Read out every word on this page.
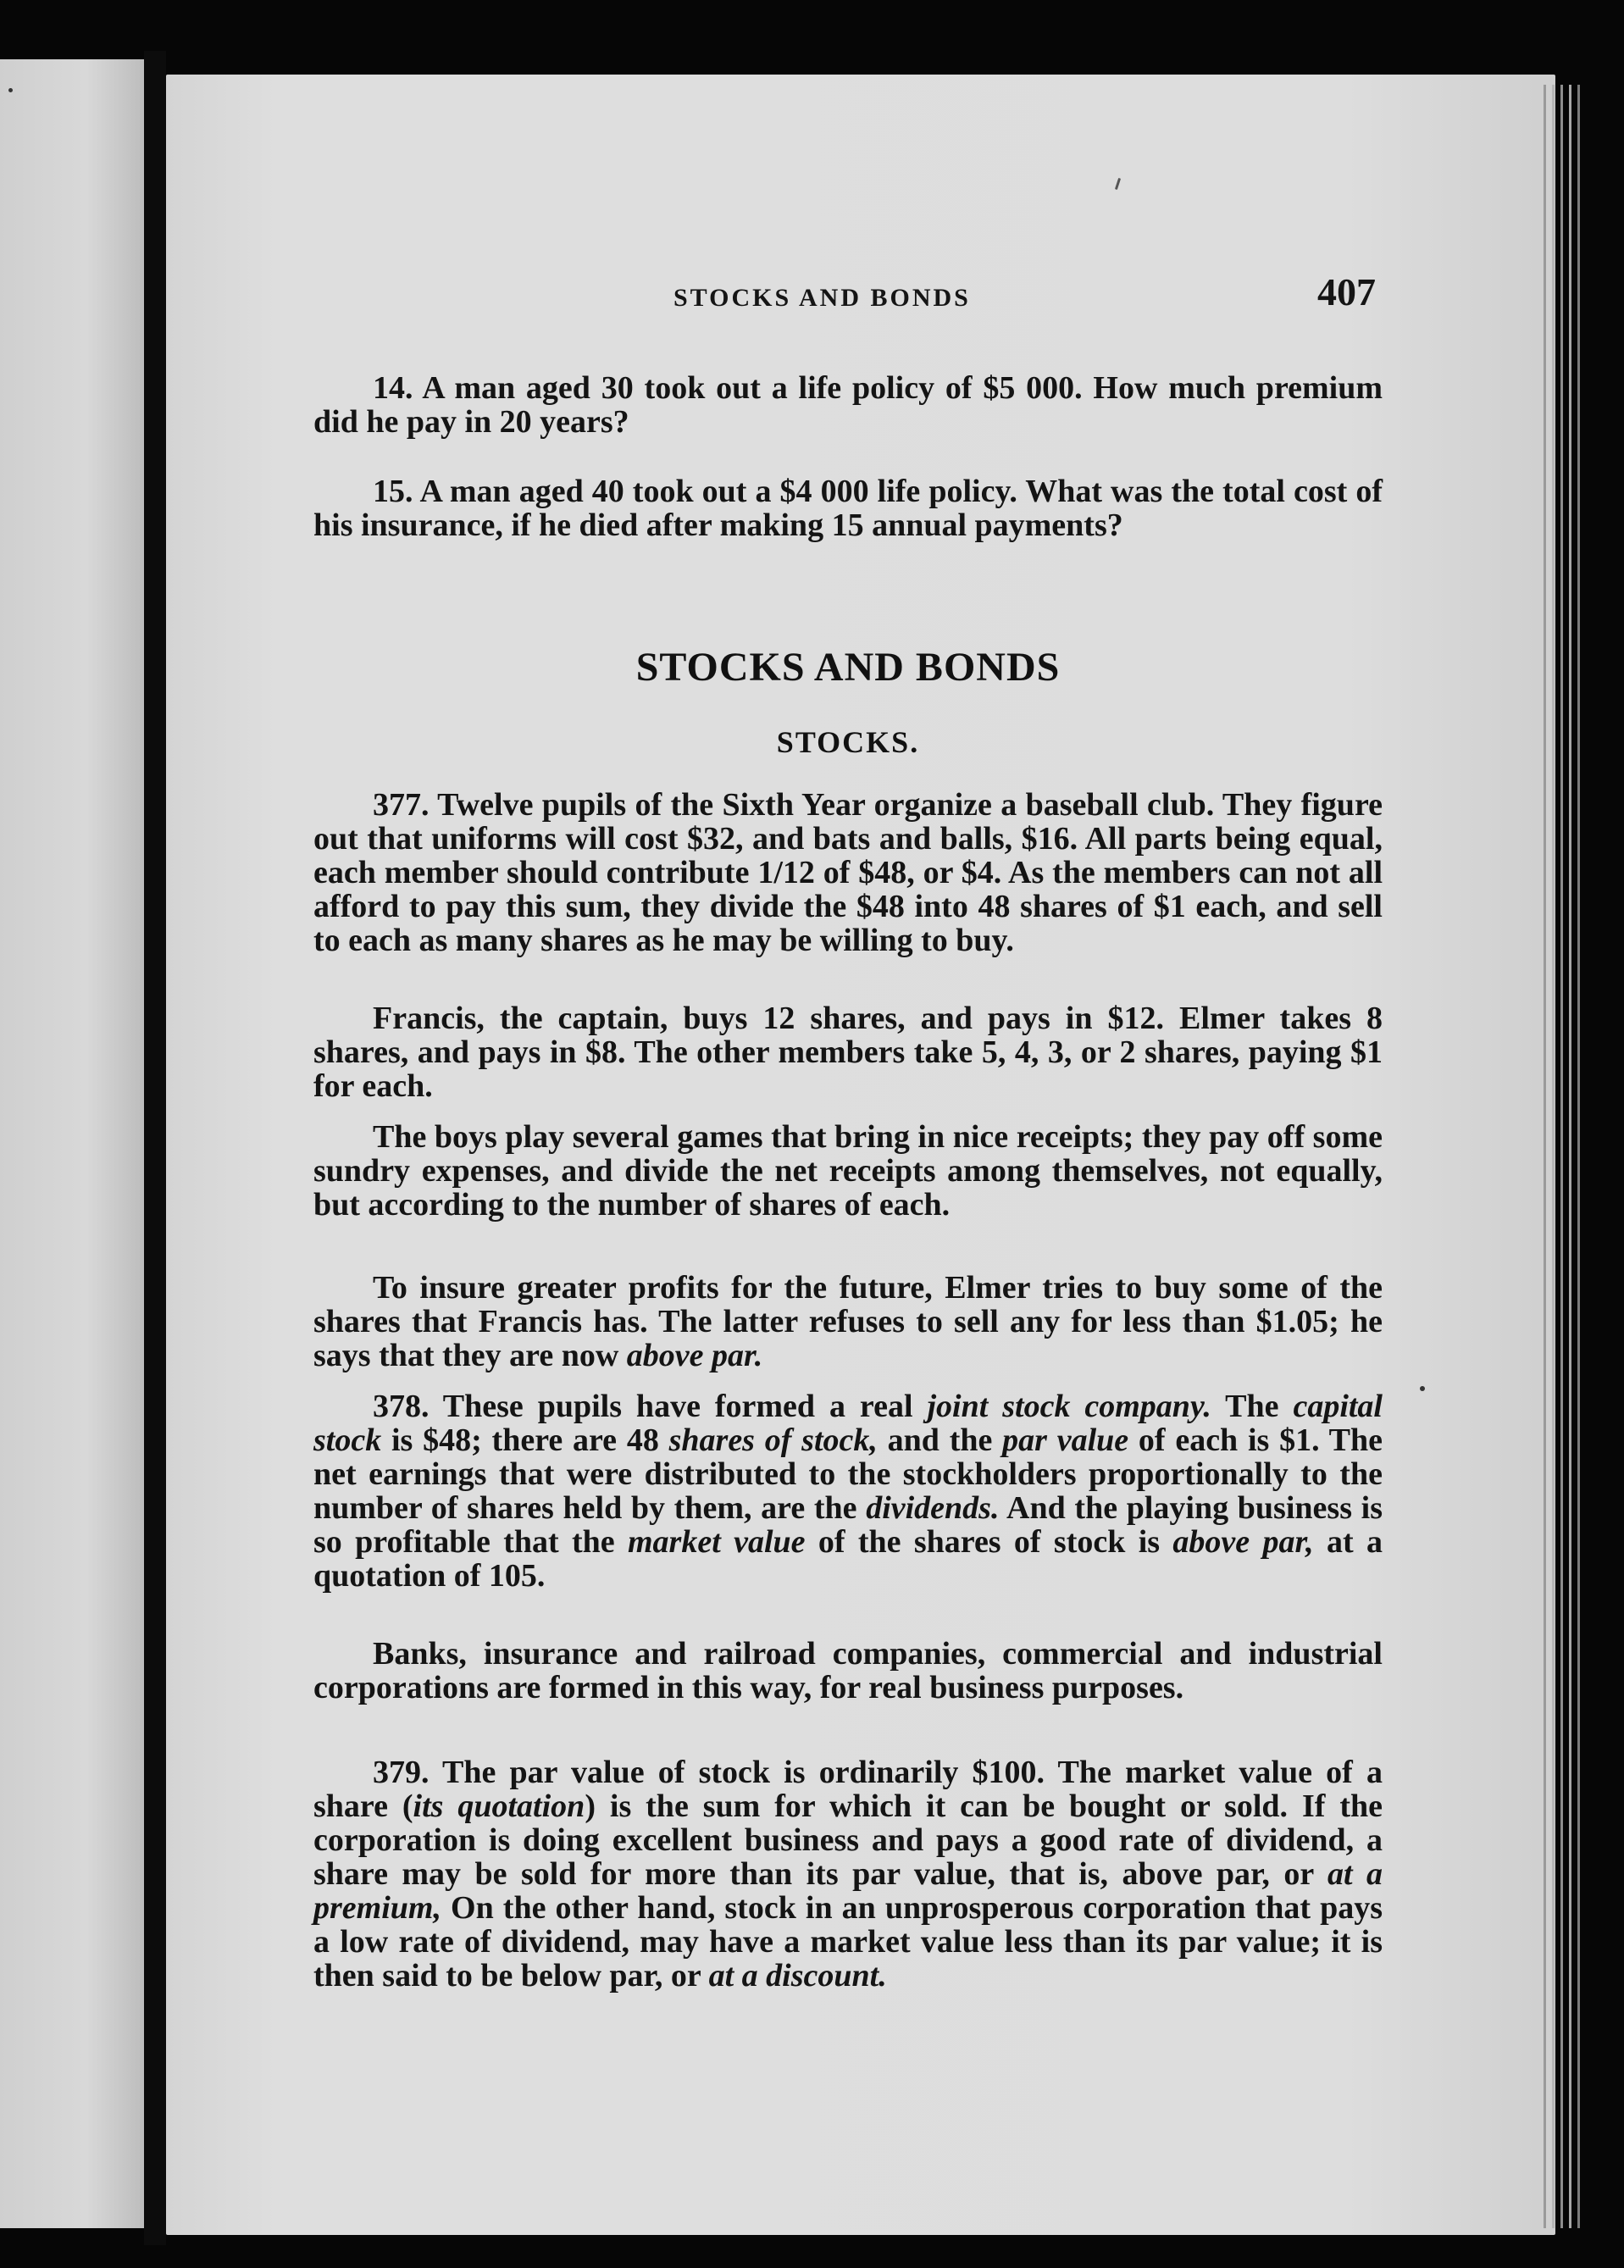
STOCKS AND BONDS	407

14. A man aged 30 took out a life policy of $5 000. How much premium did he pay in 20 years?

15. A man aged 40 took out a $4 000 life policy. What was the total cost of his insurance, if he died after making 15 annual payments?

STOCKS AND BONDS
STOCKS.

377. Twelve pupils of the Sixth Year organize a baseball club. They figure out that uniforms will cost $32, and bats and balls, $16. All parts being equal, each member should contribute 1/12 of $48, or $4. As the members can not all afford to pay this sum, they divide the $48 into 48 shares of $1 each, and sell to each as many shares as he may be willing to buy.

Francis, the captain, buys 12 shares, and pays in $12. Elmer takes 8 shares, and pays in $8. The other members take 5, 4, 3, or 2 shares, paying $1 for each.

The boys play several games that bring in nice receipts; they pay off some sundry expenses, and divide the net receipts among themselves, not equally, but according to the number of shares of each.

To insure greater profits for the future, Elmer tries to buy some of the shares that Francis has. The latter refuses to sell any for less than $1.05; he says that they are now above par.

378. These pupils have formed a real joint stock company. The capital stock is $48; there are 48 shares of stock, and the par value of each is $1. The net earnings that were distributed to the stockholders proportionally to the number of shares held by them, are the dividends. And the playing business is so profitable that the market value of the shares of stock is above par, at a quotation of 105.

Banks, insurance and railroad companies, commercial and industrial corporations are formed in this way, for real business purposes.

379. The par value of stock is ordinarily $100. The market value of a share (its quotation) is the sum for which it can be bought or sold. If the corporation is doing excellent business and pays a good rate of dividend, a share may be sold for more than its par value, that is, above par, or at a premium, On the other hand, stock in an unprosperous corporation that pays a low rate of dividend, may have a market value less than its par value; it is then said to be below par, or at a discount.
